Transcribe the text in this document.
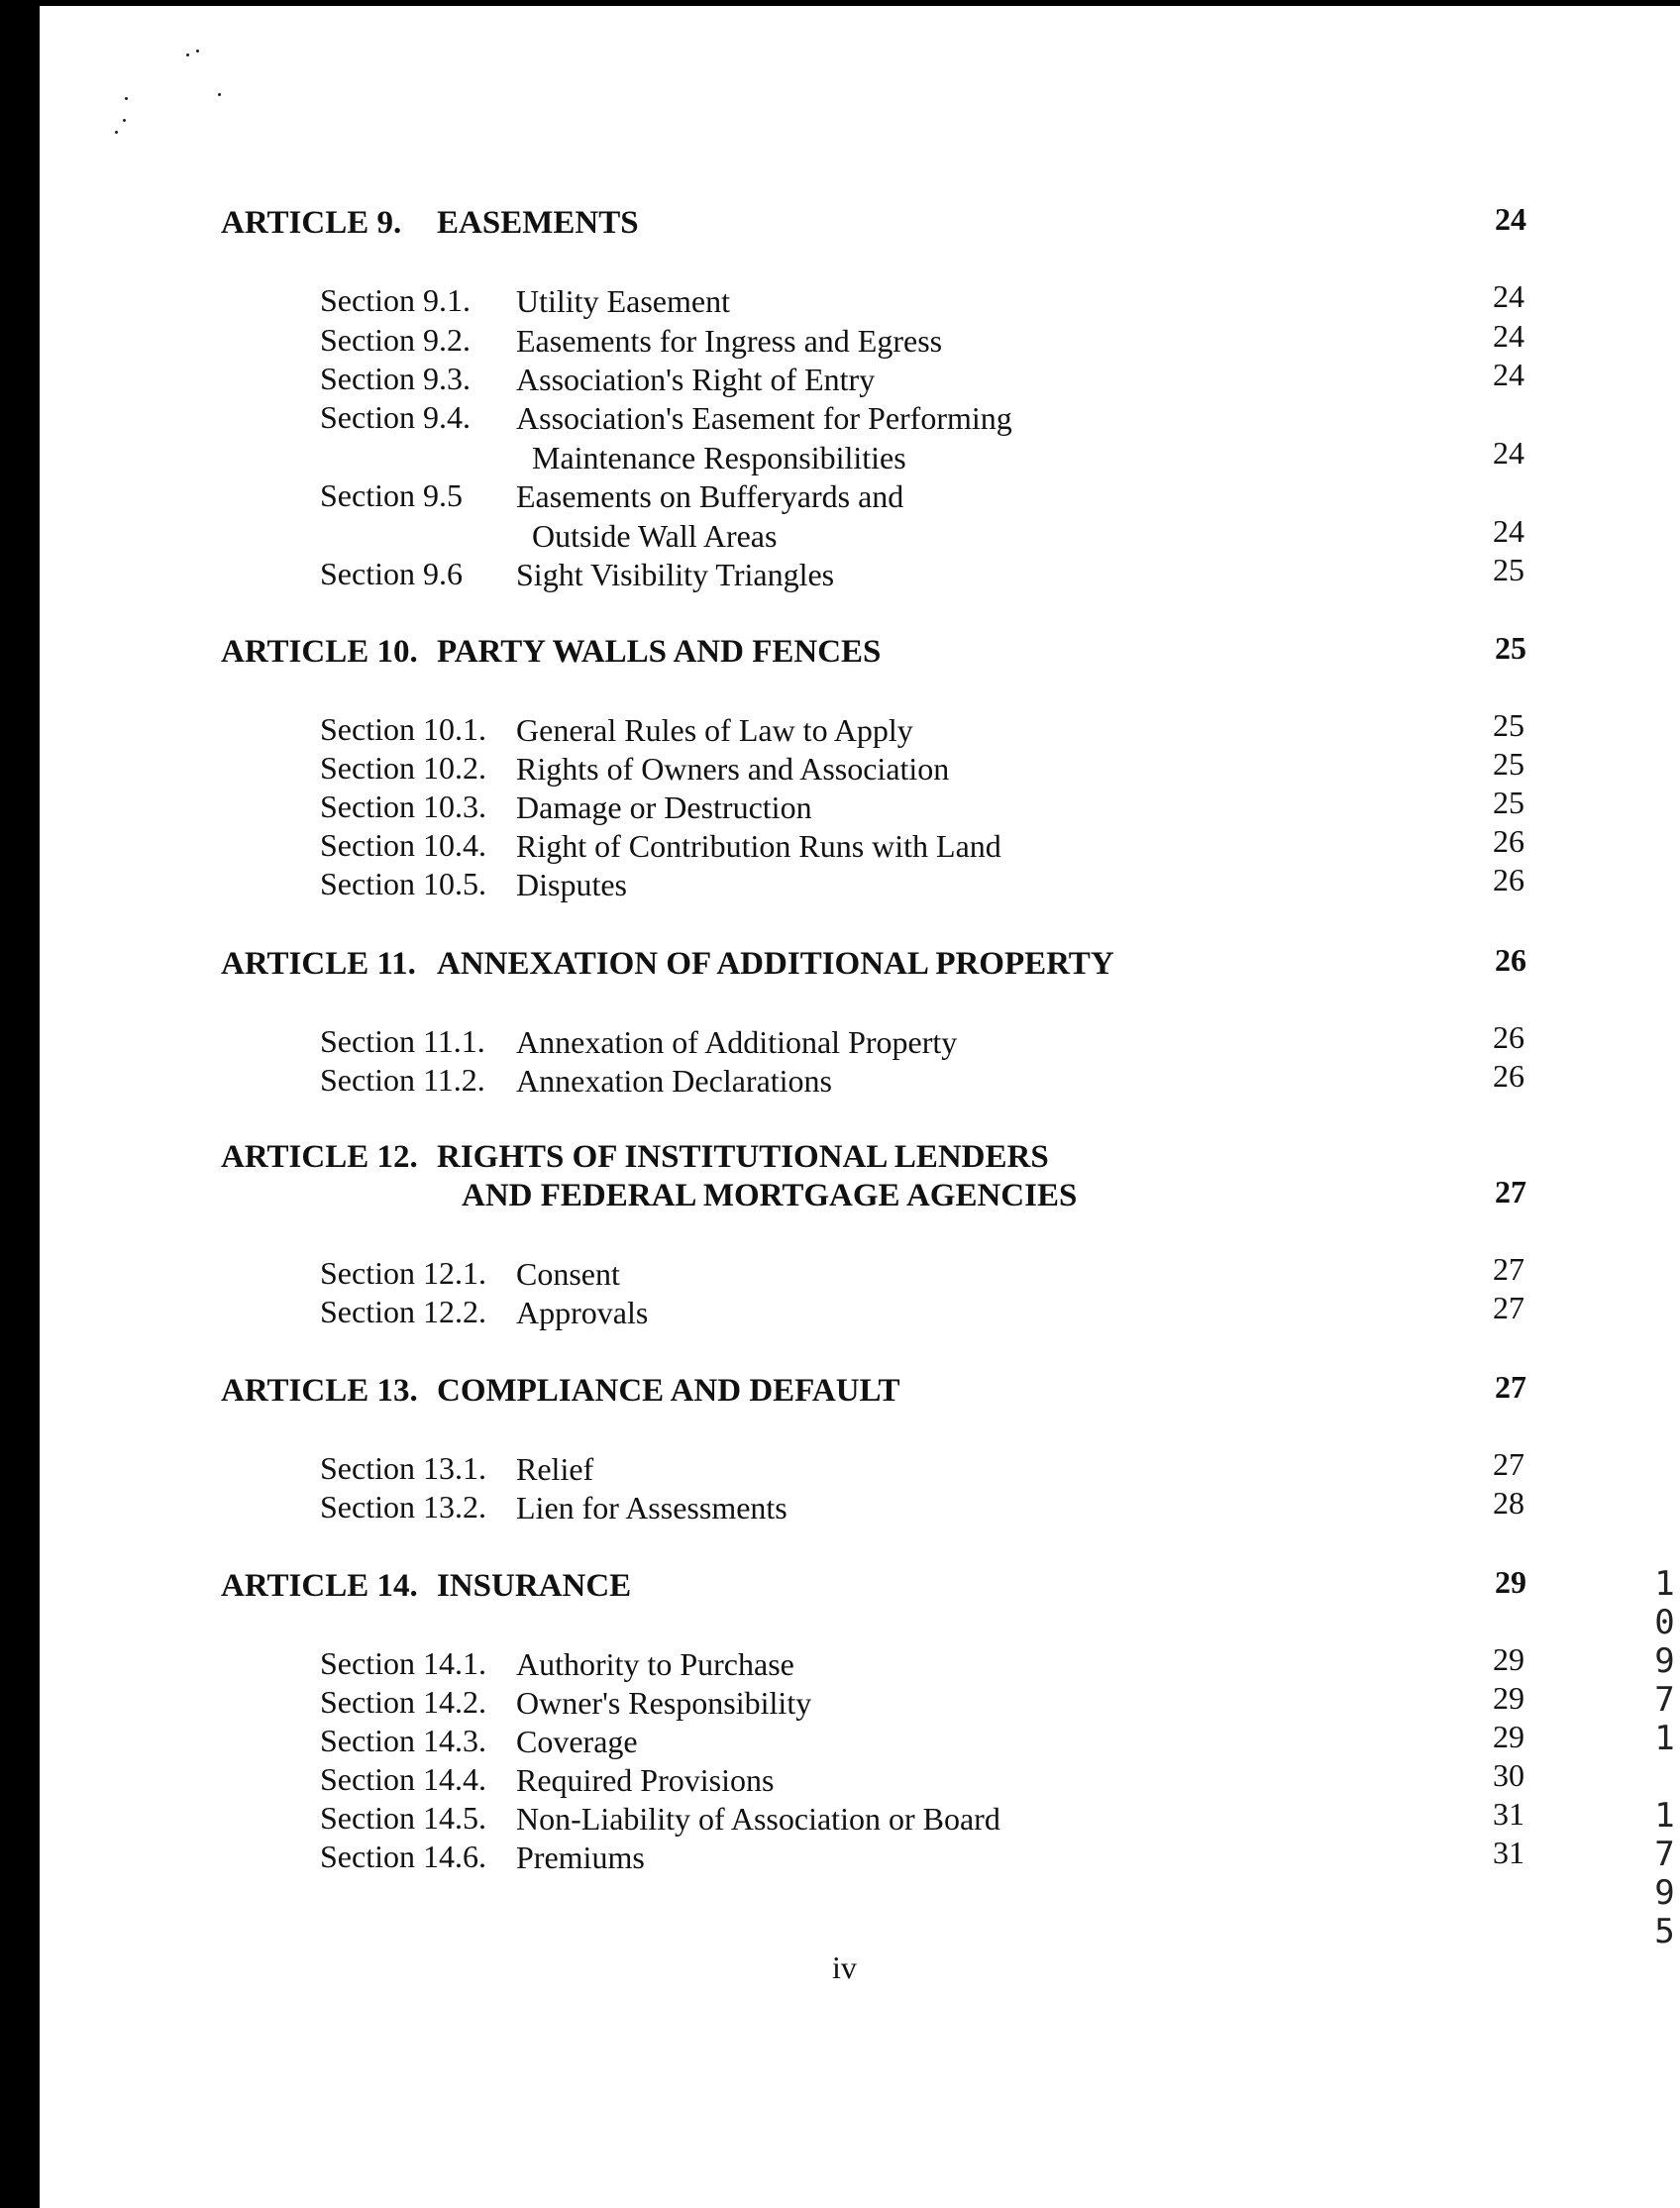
ARTICLE 9. EASEMENTS	24
Section 9.1. Utility Easement	24
Section 9.2. Easements for Ingress and Egress	24
Section 9.3. Association's Right of Entry	24
Section 9.4. Association's Easement for Performing
Maintenance Responsibilities	24
Section 9.5 Easements on Bufferyards and
Outside Wall Areas	24
Section 9.6 Sight Visibility Triangles	25
ARTICLE 10. PARTY WALLS AND FENCES	25
Section 10.1. General Rules of Law to Apply	25
Section 10.2. Rights of Owners and Association	25
Section 10.3. Damage or Destruction	25
Section 10.4. Right of Contribution Runs with Land	26
Section 10.5. Disputes	26
ARTICLE 11. ANNEXATION OF ADDITIONAL PROPERTY	26
Section 11.1. Annexation of Additional Property	26
Section 11.2. Annexation Declarations	26
ARTICLE 12. RIGHTS OF INSTITUTIONAL LENDERS
AND FEDERAL MORTGAGE AGENCIES	27
Section 12.1. Consent	27
Section 12.2. Approvals	27
ARTICLE 13. COMPLIANCE AND DEFAULT	27
Section 13.1. Relief	27
Section 13.2. Lien for Assessments	28
ARTICLE 14. INSURANCE	29
Section 14.1. Authority to Purchase	29
Section 14.2. Owner's Responsibility	29
Section 14.3. Coverage	29
Section 14.4. Required Provisions	30
Section 14.5. Non-Liability of Association or Board	31
Section 14.6. Premiums	31
iv
1
0
9
7
1

1
7
9
5
